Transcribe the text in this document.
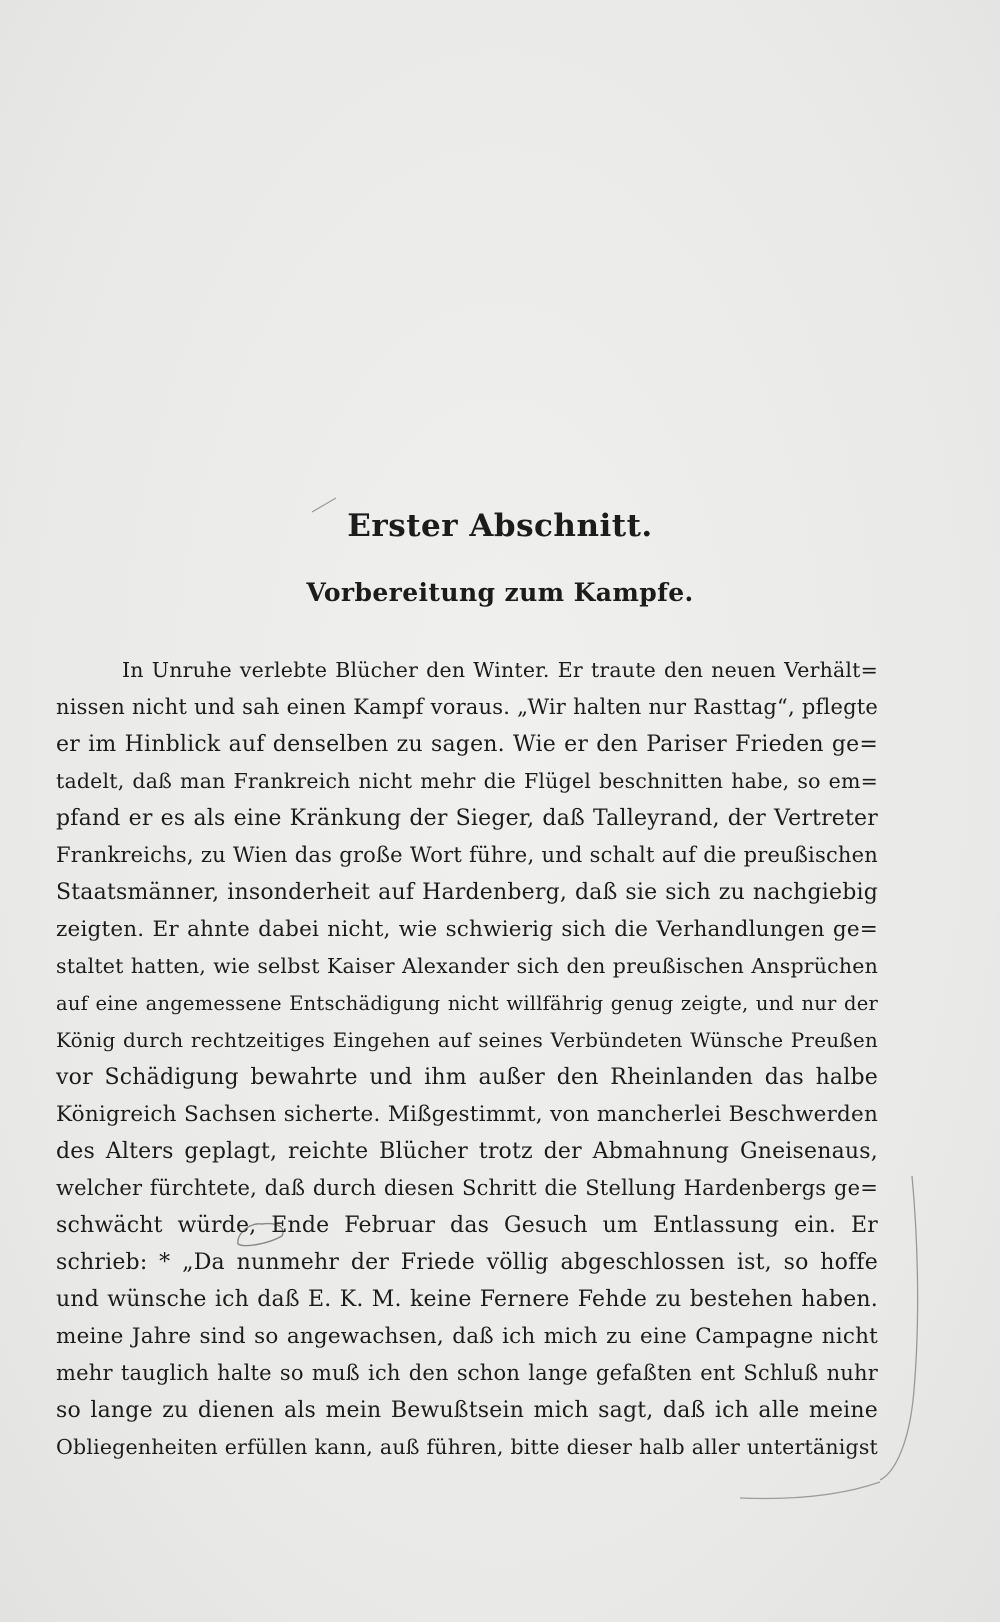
Erster Abschnitt.
Vorbereitung zum Kampfe.
In Unruhe verlebte Blücher den Winter. Er traute den neuen Verhält=
nissen nicht und sah einen Kampf voraus. „Wir halten nur Rasttag“, pflegte
er im Hinblick auf denselben zu sagen. Wie er den Pariser Frieden ge=
tadelt, daß man Frankreich nicht mehr die Flügel beschnitten habe, so em=
pfand er es als eine Kränkung der Sieger, daß Talleyrand, der Vertreter
Frankreichs, zu Wien das große Wort führe, und schalt auf die preußischen
Staatsmänner, insonderheit auf Hardenberg, daß sie sich zu nachgiebig
zeigten. Er ahnte dabei nicht, wie schwierig sich die Verhandlungen ge=
staltet hatten, wie selbst Kaiser Alexander sich den preußischen Ansprüchen
auf eine angemessene Entschädigung nicht willfährig genug zeigte, und nur der
König durch rechtzeitiges Eingehen auf seines Verbündeten Wünsche Preußen
vor Schädigung bewahrte und ihm außer den Rheinlanden das halbe
Königreich Sachsen sicherte. Mißgestimmt, von mancherlei Beschwerden
des Alters geplagt, reichte Blücher trotz der Abmahnung Gneisenaus,
welcher fürchtete, daß durch diesen Schritt die Stellung Hardenbergs ge=
schwächt würde, Ende Februar das Gesuch um Entlassung ein. Er
schrieb: * „Da nunmehr der Friede völlig abgeschlossen ist, so hoffe
und wünsche ich daß E. K. M. keine Fernere Fehde zu bestehen haben.
meine Jahre sind so angewachsen, daß ich mich zu eine Campagne nicht
mehr tauglich halte so muß ich den schon lange gefaßten ent Schluß nuhr
so lange zu dienen als mein Bewußtsein mich sagt, daß ich alle meine
Obliegenheiten erfüllen kann, auß führen, bitte dieser halb aller untertänigst
